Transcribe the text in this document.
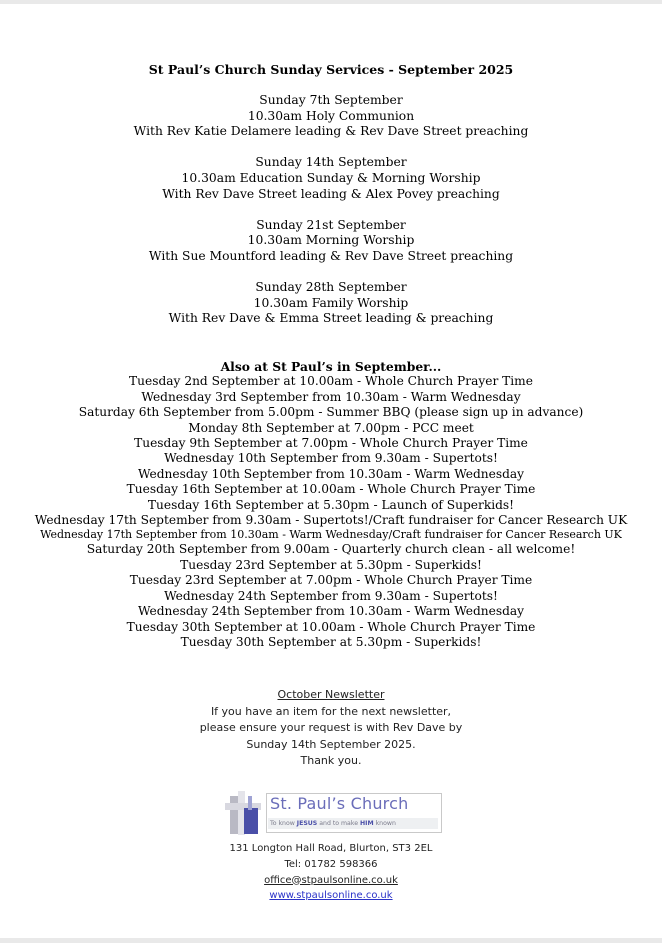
St Paul’s Church Sunday Services - September 2025
Sunday 7th September
10.30am Holy Communion
With Rev Katie Delamere leading & Rev Dave Street preaching
Sunday 14th September
10.30am Education Sunday & Morning Worship
With Rev Dave Street leading & Alex Povey preaching
Sunday 21st September
10.30am Morning Worship
With Sue Mountford leading & Rev Dave Street preaching
Sunday 28th September
10.30am Family Worship
With Rev Dave & Emma Street leading & preaching
Also at St Paul’s in September...
Tuesday 2nd September at 10.00am - Whole Church Prayer Time
Wednesday 3rd September from 10.30am - Warm Wednesday
Saturday 6th September from 5.00pm - Summer BBQ (please sign up in advance)
Monday 8th September at 7.00pm - PCC meet
Tuesday 9th September at 7.00pm - Whole Church Prayer Time
Wednesday 10th September from 9.30am - Supertots!
Wednesday 10th September from 10.30am - Warm Wednesday
Tuesday 16th September at 10.00am - Whole Church Prayer Time
Tuesday 16th September at 5.30pm - Launch of Superkids!
Wednesday 17th September from 9.30am - Supertots!/Craft fundraiser for Cancer Research UK
Wednesday 17th September from 10.30am - Warm Wednesday/Craft fundraiser for Cancer Research UK
Saturday 20th September from 9.00am - Quarterly church clean - all welcome!
Tuesday 23rd September at 5.30pm - Superkids!
Tuesday 23rd September at 7.00pm - Whole Church Prayer Time
Wednesday 24th September from 9.30am - Supertots!
Wednesday 24th September from 10.30am - Warm Wednesday
Tuesday 30th September at 10.00am - Whole Church Prayer Time
Tuesday 30th September at 5.30pm - Superkids!
October Newsletter
If you have an item for the next newsletter,
please ensure your request is with Rev Dave by
Sunday 14th September 2025.
Thank you.
St. Paul’s Church
To know JESUS and to make HIM known
131 Longton Hall Road, Blurton, ST3 2EL
Tel: 01782 598366
office@stpaulsonline.co.uk
www.stpaulsonline.co.uk
